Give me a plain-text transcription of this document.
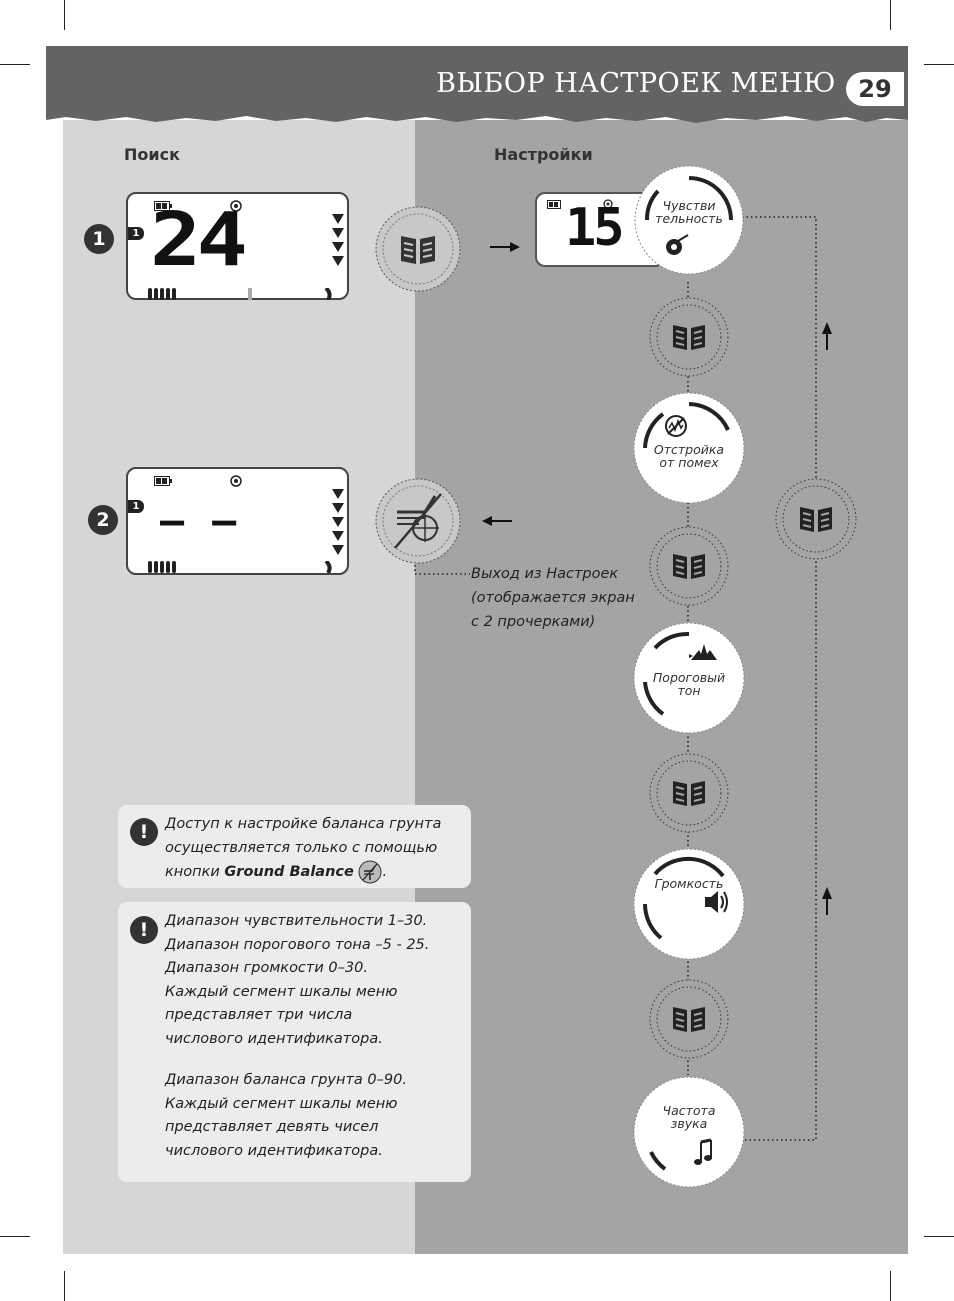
ВЫБОР НАСТРОЕК МЕНЮ 29
Поиск	Настройки
1	1 24	15	Чувстви
тельность
Отстройка
от помех
Пороговый
тон
Громкость
Частота
звука
2
1 – –
Выход из Настроек
(отображается экран
с 2 прочерками)
!	Доступ к настройке баланса грунта
осуществляется только с помощью
кнопки Ground Balance .
!	Диапазон чувствительности 1–30.
Диапазон порогового тона –5 - 25.
Диапазон громкости 0–30.
Каждый сегмент шкалы меню
представляет три числа
числового идентификатора.
Диапазон баланса грунта 0–90.
Каждый сегмент шкалы меню
представляет девять чисел
числового идентификатора.
